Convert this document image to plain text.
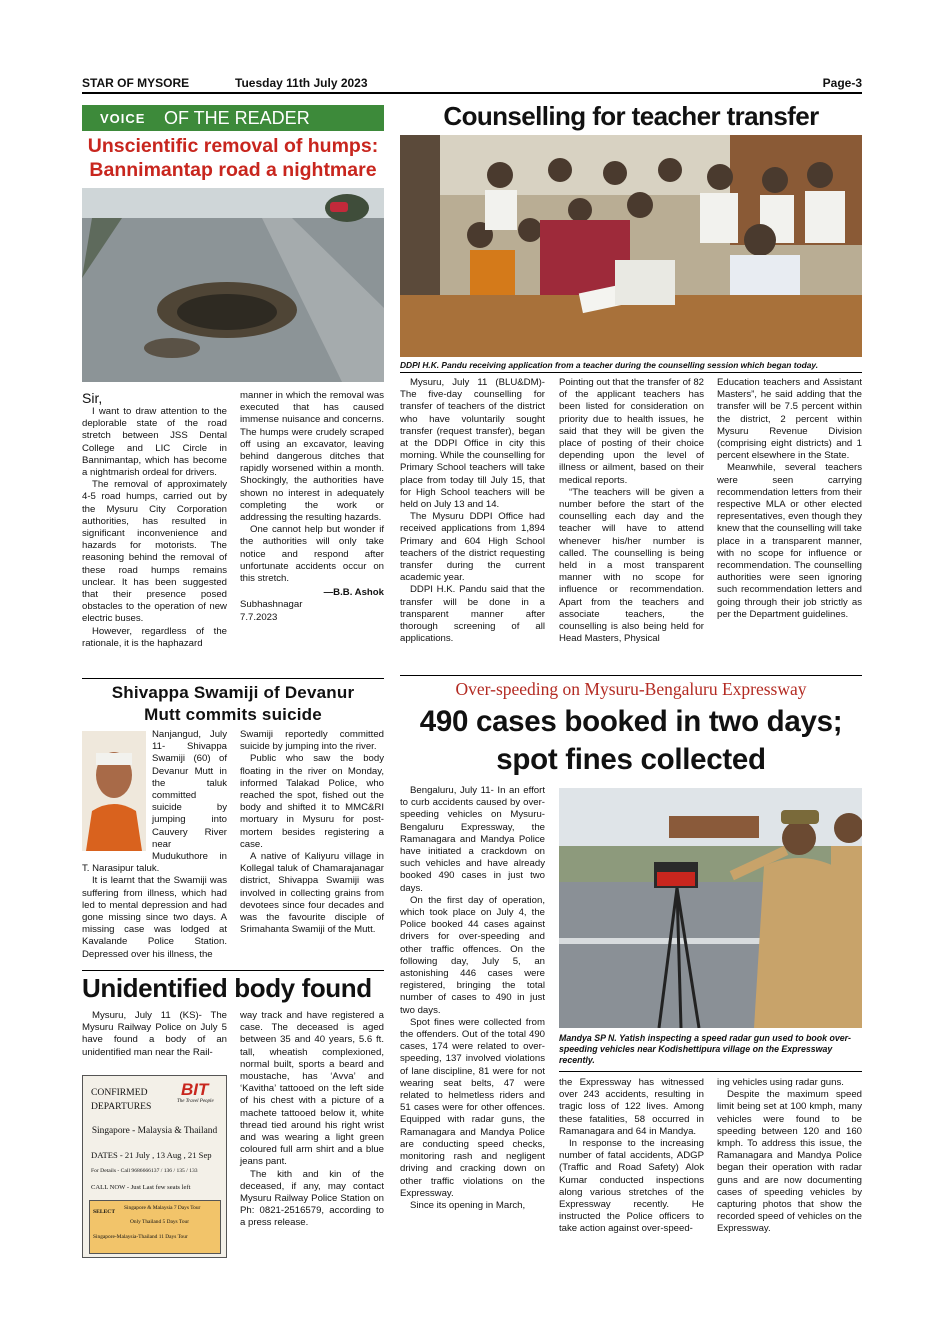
STAR OF MYSORE	Tuesday 11th July 2023	Page-3
VOICE OF THE READER
Unscientific removal of humps:
Bannimantap road a nightmare

Sir,

I want to draw attention to the deplorable state of the road stretch between JSS Dental College and LIC Circle in Bannimantap, which has become a nightmarish ordeal for drivers.

The removal of approximately 4-5 road humps, carried out by the Mysuru City Corporation authorities, has resulted in significant inconvenience and hazards for motorists. The reasoning behind the removal of these road humps remains unclear. It has been suggested that their presence posed obstacles to the operation of new electric buses.

However, regardless of the rationale, it is the haphazard

manner in which the removal was executed that has caused immense nuisance and concerns. The humps were crudely scraped off using an excavator, leaving behind dangerous ditches that rapidly worsened within a month. Shockingly, the authorities have shown no interest in adequately completing the work or addressing the resulting hazards.

One cannot help but wonder if the authorities will only take notice and respond after unfortunate accidents occur on this stretch.

—B.B. Ashok

Subhashnagar

7.7.2023

Counselling for teacher transfer
DDPI H.K. Pandu receiving application from a teacher during the counselling session which began today.

Mysuru, July 11 (BLU&DM)- The five-day counselling for transfer of teachers of the district who have voluntarily sought transfer (request transfer), began at the DDPI Office in city this morning. While the counselling for Primary School teachers will take place from today till July 15, that for High School teachers will be held on July 13 and 14.

The Mysuru DDPI Office had received applications from 1,894 Primary and 604 High School teachers of the district requesting transfer during the current academic year.

DDPI H.K. Pandu said that the transfer will be done in a transparent manner after thorough screening of all applications.

Pointing out that the transfer of 82 of the applicant teachers has been listed for consideration on priority due to health issues, he said that they will be given the place of posting of their choice depending upon the level of illness or ailment, based on their medical reports.

“The teachers will be given a number before the start of the counselling each day and the teacher will have to attend whenever his/her number is called. The counselling is being held in a most transparent manner with no scope for influence or recommendation. Apart from the teachers and associate teachers, the counselling is also being held for Head Masters, Physical

Education teachers and Assistant Masters”, he said adding that the transfer will be 7.5 percent within the district, 2 percent within Mysuru Revenue Division (comprising eight districts) and 1 percent elsewhere in the State.

Meanwhile, several teachers were seen carrying recommendation letters from their respective MLA or other elected representatives, even though they knew that the counselling will take place in a transparent manner, with no scope for influence or recommendation. The counselling authorities were seen ignoring such recommendation letters and going through their job strictly as per the Department guidelines.

Shivappa Swamiji of Devanur
Mutt commits suicide

Nanjangud, July 11- Shivappa Swamiji (60) of Devanur Mutt in the taluk committed suicide by jumping into Cauvery River near Mudukuthore in T. Narasipur taluk.

It is learnt that the Swamiji was suffering from illness, which had led to mental depression and had gone missing since two days. A missing case was lodged at Kavalande Police Station. Depressed over his illness, the

Swamiji reportedly committed suicide by jumping into the river.

Public who saw the body floating in the river on Monday, informed Talakad Police, who reached the spot, fished out the body and shifted it to MMC&RI mortuary in Mysuru for post-mortem besides registering a case.

A native of Kaliyuru village in Kollegal taluk of Chamarajanagar district, Shivappa Swamiji was involved in collecting grains from devotees since four decades and was the favourite disciple of Srimahanta Swamiji of the Mutt.

Unidentified body found

Mysuru, July 11 (KS)- The Mysuru Railway Police on July 5 have found a body of an unidentified man near the Rail-

way track and have registered a case. The deceased is aged between 35 and 40 years, 5.6 ft. tall, wheatish complexioned, normal built, sports a beard and moustache, has ‘Avva’ and ‘Kavitha’ tattooed on the left side of his chest with a picture of a machete tattooed below it, white thread tied around his right wrist and was wearing a light green coloured full arm shirt and a blue jeans pant.

The kith and kin of the deceased, if any, may contact Mysuru Railway Police Station on Ph: 0821-2516579, according to a press release.

CONFIRMED
DEPARTURES
BIT
The Travel People
Singapore - Malaysia & Thailand
DATES - 21 July , 13 Aug , 21 Sep
For Details - Call 9686666137 / 136 / 135 / 133
CALL NOW - Just Last few seats left
SELECT
Singapore & Malaysia 7 Days Tour
Only Thailand 5 Days Tour
Singapore-Malaysia-Thailand 11 Days Tour
Over-speeding on Mysuru-Bengaluru Expressway
490 cases booked in two days;
spot fines collected
Mandya SP N. Yatish inspecting a speed radar gun used to book over-speeding vehicles near Kodishettipura village on the Expressway recently.

Bengaluru, July 11- In an effort to curb accidents caused by over-speeding vehicles on Mysuru-Bengaluru Expressway, the Ramanagara and Mandya Police have initiated a crackdown on such vehicles and have already booked 490 cases in just two days.

On the first day of operation, which took place on July 4, the Police booked 44 cases against drivers for over-speeding and other traffic offences. On the following day, July 5, an astonishing 446 cases were registered, bringing the total number of cases to 490 in just two days.

Spot fines were collected from the offenders. Out of the total 490 cases, 174 were related to over-speeding, 137 involved violations of lane discipline, 81 were for not wearing seat belts, 47 were related to helmetless riders and 51 cases were for other offences. Equipped with radar guns, the Ramanagara and Mandya Police are conducting speed checks, monitoring rash and negligent driving and cracking down on other traffic violations on the Expressway.

Since its opening in March,

the Expressway has witnessed over 243 accidents, resulting in tragic loss of 122 lives. Among these fatalities, 58 occurred in Ramanagara and 64 in Mandya.

In response to the increasing number of fatal accidents, ADGP (Traffic and Road Safety) Alok Kumar conducted inspections along various stretches of the Expressway recently. He instructed the Police officers to take action against over-speed-

ing vehicles using radar guns.

Despite the maximum speed limit being set at 100 kmph, many vehicles were found to be speeding between 120 and 160 kmph. To address this issue, the Ramanagara and Mandya Police began their operation with radar guns and are now documenting cases of speeding vehicles by capturing photos that show the recorded speed of vehicles on the Expressway.
